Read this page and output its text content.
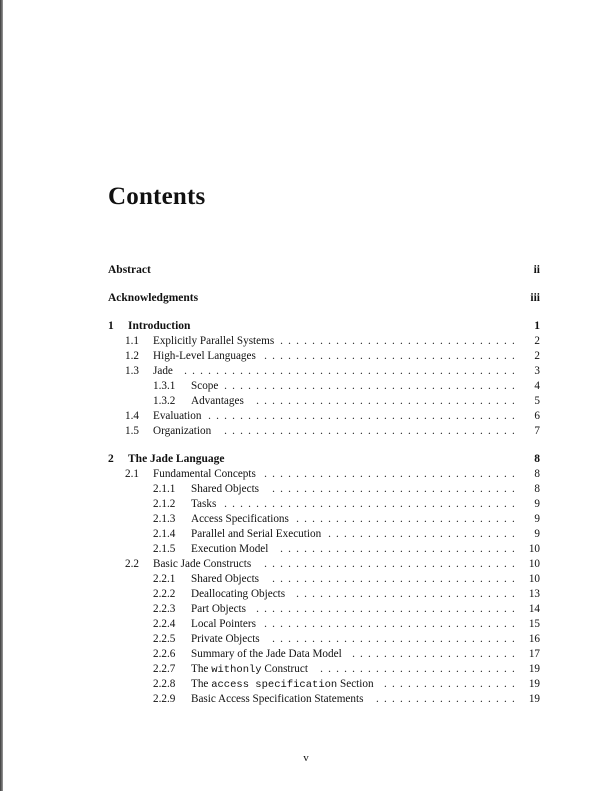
Contents
Abstract	ii
Acknowledgments	iii
1 Introduction	1
1.1 Explicitly Parallel Systems	2
..............................
1.2 High-Level Languages	2
................................
1.3 Jade	3
..........................................
1.3.1 Scope	4
.....................................
1.3.2 Advantages	5
.................................
1.4 Evaluation	6
.......................................
1.5 Organization	7
.....................................
2 The Jade Language	8
2.1 Fundamental Concepts	8
................................
2.1.1 Shared Objects	8
...............................
2.1.2 Tasks	9
.....................................
2.1.3 Access Specifications	9
............................
2.1.4 Parallel and Serial Execution	9
........................
2.1.5 Execution Model	10
..............................
2.2 Basic Jade Constructs	10
................................
2.2.1 Shared Objects	10
...............................
2.2.2 Deallocating Objects	13
............................
2.2.3 Part Objects	14
.................................
2.2.4 Local Pointers	15
................................
2.2.5 Private Objects	16
...............................
2.2.6 Summary of the Jade Data Model	17
.....................
2.2.7 The withonly Construct	19
.........................
2.2.8 The access specification Section	19
.................
2.2.9 Basic Access Specification Statements	19
..................
v
